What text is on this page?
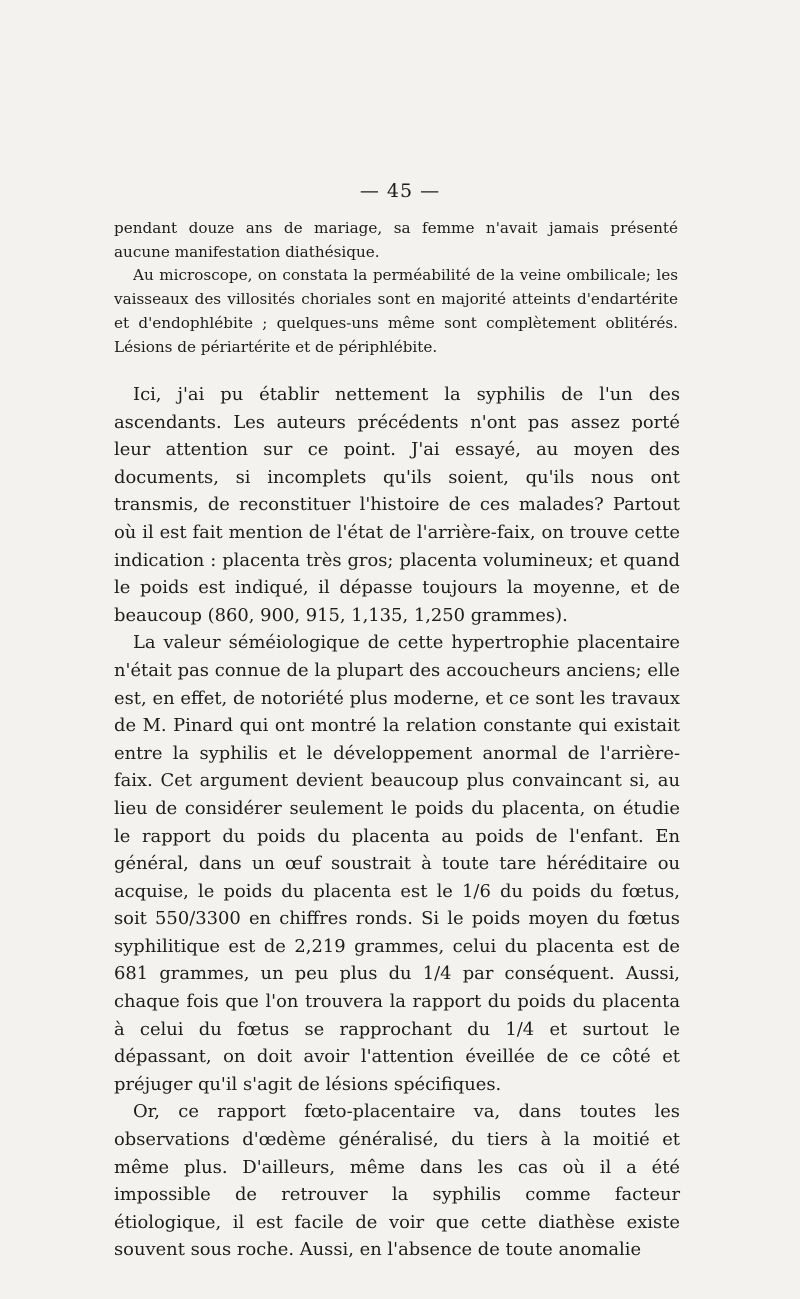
— 45 —

pendant douze ans de mariage, sa femme n'avait jamais présenté aucune manifestation diathésique.

Au microscope, on constata la perméabilité de la veine ombilicale; les vaisseaux des villosités choriales sont en majorité atteints d'endartérite et d'endophlébite ; quelques-uns même sont complètement oblitérés. Lésions de périartérite et de périphlébite.

Ici, j'ai pu établir nettement la syphilis de l'un des ascendants. Les auteurs précédents n'ont pas assez porté leur attention sur ce point. J'ai essayé, au moyen des documents, si incomplets qu'ils soient, qu'ils nous ont transmis, de reconstituer l'histoire de ces malades? Partout où il est fait mention de l'état de l'arrière-faix, on trouve cette indication : placenta très gros; placenta volumineux; et quand le poids est indiqué, il dépasse toujours la moyenne, et de beaucoup (860, 900, 915, 1,135, 1,250 grammes).

La valeur séméiologique de cette hypertrophie placentaire n'était pas connue de la plupart des accoucheurs anciens; elle est, en effet, de notoriété plus moderne, et ce sont les travaux de M. Pinard qui ont montré la relation constante qui existait entre la syphilis et le développement anormal de l'arrière-faix. Cet argument devient beaucoup plus convaincant si, au lieu de considérer seulement le poids du placenta, on étudie le rapport du poids du placenta au poids de l'enfant. En général, dans un œuf soustrait à toute tare héréditaire ou acquise, le poids du placenta est le 1/6 du poids du fœtus, soit 550/3300 en chiffres ronds. Si le poids moyen du fœtus syphilitique est de 2,219 grammes, celui du placenta est de 681 grammes, un peu plus du 1/4 par conséquent. Aussi, chaque fois que l'on trouvera la rapport du poids du placenta à celui du fœtus se rapprochant du 1/4 et surtout le dépassant, on doit avoir l'attention éveillée de ce côté et préjuger qu'il s'agit de lésions spécifiques.

Or, ce rapport fœto-placentaire va, dans toutes les observations d'œdème généralisé, du tiers à la moitié et même plus. D'ailleurs, même dans les cas où il a été impossible de retrouver la syphilis comme facteur étiologique, il est facile de voir que cette diathèse existe souvent sous roche. Aussi, en l'absence de toute anomalie
